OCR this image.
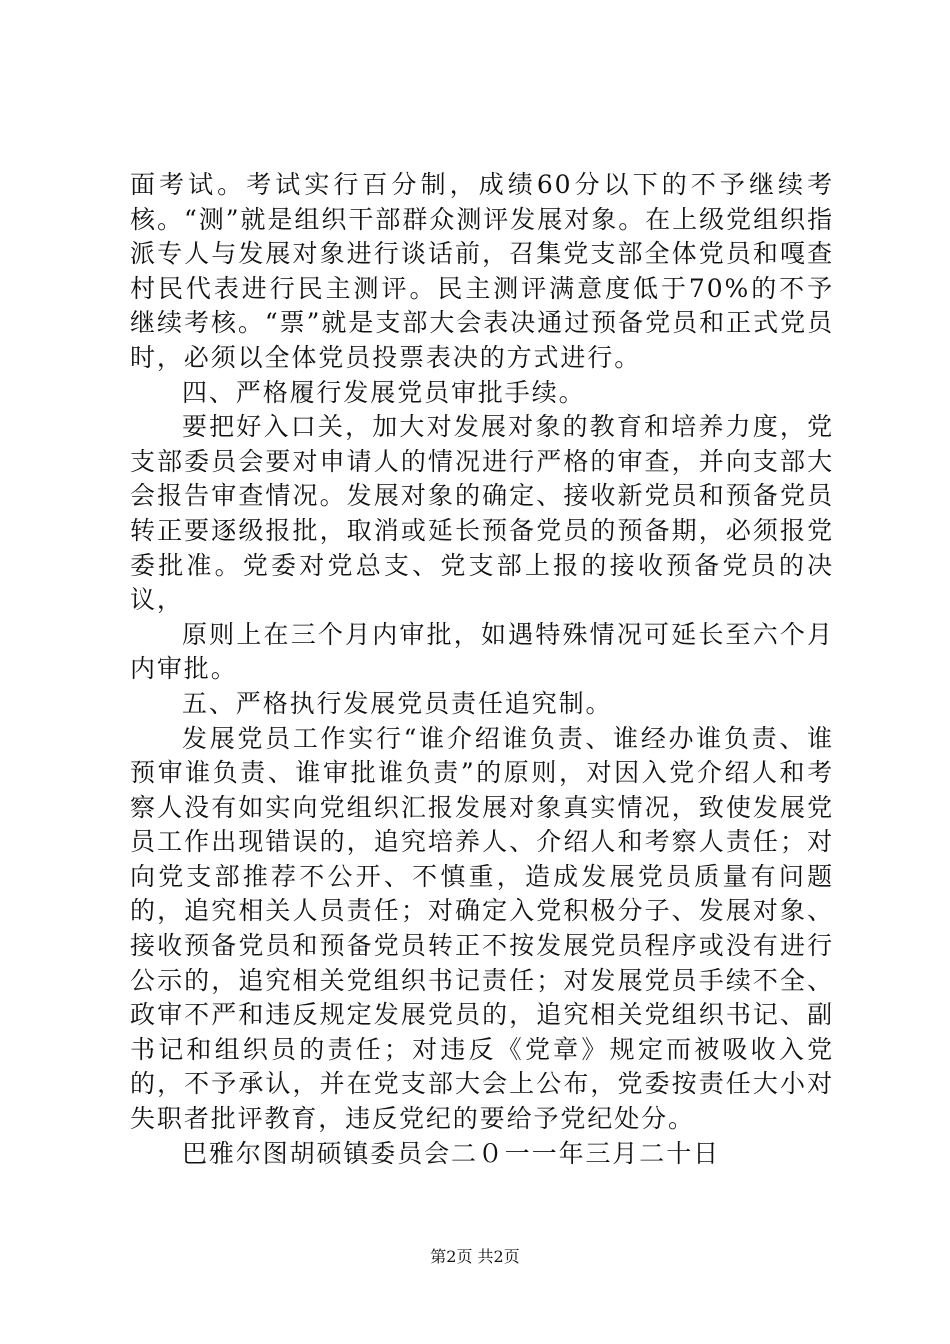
面考试。考试实行百分制，成绩60分以下的不予继续考核。“测”就是组织干部群众测评发展对象。在上级党组织指派专人与发展对象进行谈话前，召集党支部全体党员和嘎查村民代表进行民主测评。民主测评满意度低于70%的不予继续考核。“票”就是支部大会表决通过预备党员和正式党员时，必须以全体党员投票表决的方式进行。

四、严格履行发展党员审批手续。

要把好入口关，加大对发展对象的教育和培养力度，党支部委员会要对申请人的情况进行严格的审查，并向支部大会报告审查情况。发展对象的确定、接收新党员和预备党员转正要逐级报批，取消或延长预备党员的预备期，必须报党委批准。党委对党总支、党支部上报的接收预备党员的决议，

原则上在三个月内审批，如遇特殊情况可延长至六个月内审批。

五、严格执行发展党员责任追究制。

发展党员工作实行“谁介绍谁负责、谁经办谁负责、谁预审谁负责、谁审批谁负责”的原则，对因入党介绍人和考察人没有如实向党组织汇报发展对象真实情况，致使发展党员工作出现错误的，追究培养人、介绍人和考察人责任；对向党支部推荐不公开、不慎重，造成发展党员质量有问题的，追究相关人员责任；对确定入党积极分子、发展对象、接收预备党员和预备党员转正不按发展党员程序或没有进行公示的，追究相关党组织书记责任；对发展党员手续不全、政审不严和违反规定发展党员的，追究相关党组织书记、副书记和组织员的责任；对违反《党章》规定而被吸收入党的，不予承认，并在党支部大会上公布，党委按责任大小对失职者批评教育，违反党纪的要给予党纪处分。

巴雅尔图胡硕镇委员会二０一一年三月二十日

第2页 共2页
